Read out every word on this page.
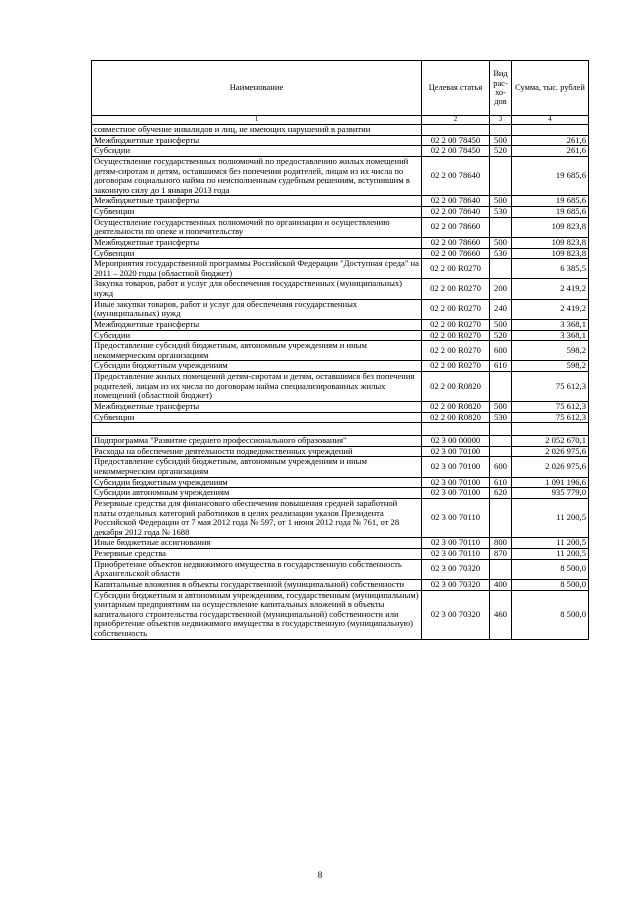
Наименование	Целевая статья	Вид рас-хо-дов	Сумма, тыс. рублей
1	2	3	4
совместное обучение инвалидов и лиц, не имеющих нарушений в развитии			
Межбюджетные трансферты	02 2 00 78450	500	261,6
Субсидии	02 2 00 78450	520	261,6
Осуществление государственных полномочий по предоставлению жилых помещений детям-сиротам и детям, оставшимся без попечения родителей, лицам из их числа по договорам социального найма по неисполненным судебным решениям, вступившим в законную силу до 1 января 2013 года	02 2 00 78640		19 685,6
Межбюджетные трансферты	02 2 00 78640	500	19 685,6
Субвенции	02 2 00 78640	530	19 685,6
Осуществление государственных полномочий по организации и осуществлению деятельности по опеке и попечительству	02 2 00 78660		109 823,8
Межбюджетные трансферты	02 2 00 78660	500	109 823,8
Субвенции	02 2 00 78660	530	109 823,8
Мероприятия государственной программы Российской Федерации "Доступная среда" на 2011 – 2020 годы (областной бюджет)	02 2 00 R0270		6 385,5
Закупка товаров, работ и услуг для обеспечения государственных (муниципальных) нужд	02 2 00 R0270	200	2 419,2
Иные закупки товаров, работ и услуг для обеспечения государственных (муниципальных) нужд	02 2 00 R0270	240	2 419,2
Межбюджетные трансферты	02 2 00 R0270	500	3 368,1
Субсидии	02 2 00 R0270	520	3 368,1
Предоставление субсидий бюджетным, автономным учреждениям и иным некоммерческим организациям	02 2 00 R0270	600	598,2
Субсидии бюджетным учреждениям	02 2 00 R0270	610	598,2
Предоставление жилых помещений детям-сиротам и детям, оставшимся без попечения родителей, лицам из их числа по договорам найма специализированных жилых помещений (областной бюджет)	02 2 00 R0820		75 612,3
Межбюджетные трансферты	02 2 00 R0820	500	75 612,3
Субвенции	02 2 00 R0820	530	75 612,3

Подпрограмма "Развитие среднего профессионального образования"	02 3 00 00000		2 052 670,1
Расходы на обеспечение деятельности подведомственных учреждений	02 3 00 70100		2 026 975,6
Предоставление субсидий бюджетным, автономным учреждениям и иным некоммерческим организациям	02 3 00 70100	600	2 026 975,6
Субсидии бюджетным учреждениям	02 3 00 70100	610	1 091 196,6
Субсидии автономным учреждениям	02 3 00 70100	620	935 779,0
Резервные средства для финансового обеспечения повышения средней заработной платы отдельных категорий работников в целях реализации указов Президента Российской Федерации от 7 мая 2012 года № 597, от 1 июня 2012 года № 761, от 28 декабря 2012 года № 1688	02 3 00 70110		11 200,5
Иные бюджетные ассигнования	02 3 00 70110	800	11 200,5
Резервные средства	02 3 00 70110	870	11 200,5
Приобретение объектов недвижимого имущества в государственную собственность Архангельской области	02 3 00 70320		8 500,0
Капитальные вложения в объекты государственной (муниципальной) собственности	02 3 00 70320	400	8 500,0
Субсидии бюджетным и автономным учреждениям, государственным (муниципальным) унитарным предприятиям на осуществление капитальных вложений в объекты капитального строительства государственной (муниципальной) собственности или приобретение объектов недвижимого имущества в государственную (муниципальную) собственность	02 3 00 70320	460	8 500,0
8
